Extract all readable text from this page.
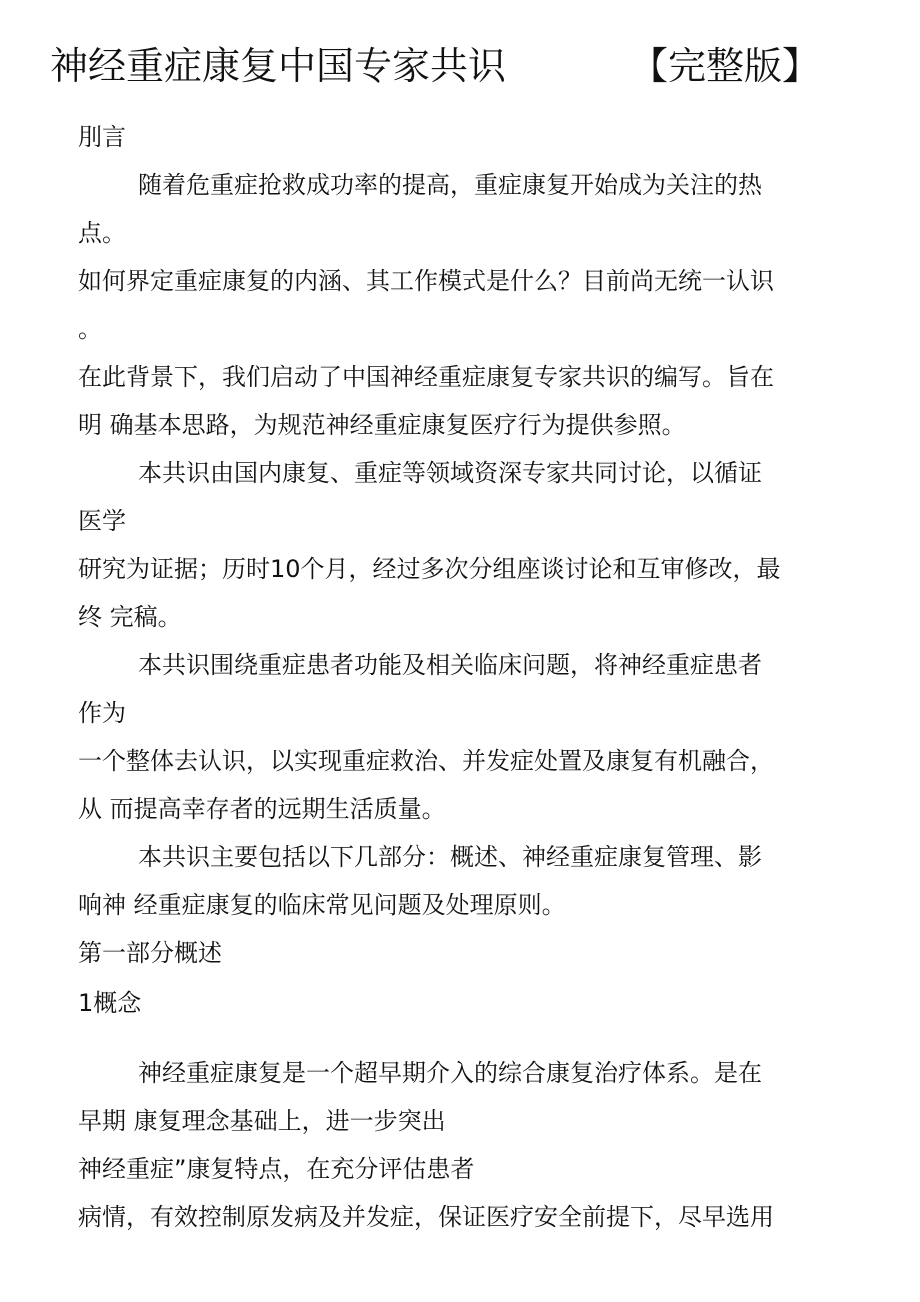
神经重症康复中国专家共识	【完整版】
刖言
随着危重症抢救成功率的提高，重症康复开始成为关注的热
点。
如何界定重症康复的内涵、其工作模式是什么？目前尚无统一认识
。
在此背景下，我们启动了中国神经重症康复专家共识的编写。旨在
明 确基本思路，为规范神经重症康复医疗行为提供参照。
本共识由国内康复、重症等领域资深专家共同讨论，以循证
医学
研究为证据；历时10个月，经过多次分组座谈讨论和互审修改，最
终 完稿。
本共识围绕重症患者功能及相关临床问题，将神经重症患者
作为
一个整体去认识，以实现重症救治、并发症处置及康复有机融合，
从 而提高幸存者的远期生活质量。
本共识主要包括以下几部分：概述、神经重症康复管理、影
响神 经重症康复的临床常见问题及处理原则。
第一部分概述
1概念
神经重症康复是一个超早期介入的综合康复治疗体系。是在
早期 康复理念基础上，进一步突出
神经重症”康复特点，在充分评估患者
病情，有效控制原发病及并发症，保证医疗安全前提下，尽早选用
